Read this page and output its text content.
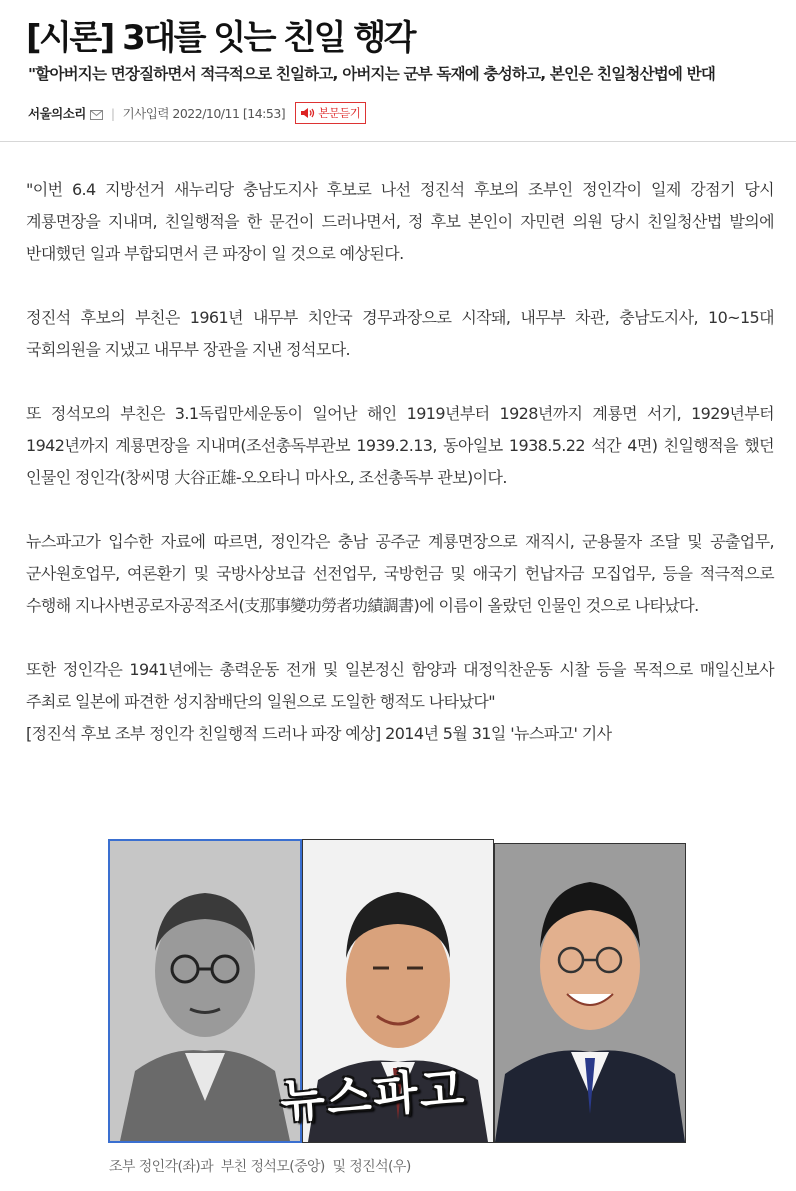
[시론] 3대를 잇는 친일 행각
"할아버지는 면장질하면서 적극적으로 친일하고, 아버지는 군부 독재에 충성하고, 본인은 친일청산법에 반대
서울의소리 | 기사입력 2022/10/11 [14:53]	본문듣기

"이번 6.4 지방선거 새누리당 충남도지사 후보로 나선 정진석 후보의 조부인 정인각이 일제 강점기 당시 계룡면장을 지내며, 친일행적을 한 문건이 드러나면서, 정 후보 본인이 자민련 의원 당시 친일청산법 발의에 반대했던 일과 부합되면서 큰 파장이 일 것으로 예상된다.

정진석 후보의 부친은 1961년 내무부 치안국 경무과장으로 시작돼, 내무부 차관, 충남도지사, 10~15대 국회의원을 지냈고 내무부 장관을 지낸 정석모다.

또 정석모의 부친은 3.1독립만세운동이 일어난 해인 1919년부터 1928년까지 계룡면 서기, 1929년부터 1942년까지 계룡면장을 지내며(조선총독부관보 1939.2.13, 동아일보 1938.5.22 석간 4면) 친일행적을 했던 인물인 정인각(창씨명 大谷正雄-오오타니 마사오, 조선총독부 관보)이다.

뉴스파고가 입수한 자료에 따르면, 정인각은 충남 공주군 계룡면장으로 재직시, 군용물자 조달 및 공출업무, 군사원호업무, 여론환기 및 국방사상보급 선전업무, 국방헌금 및 애국기 헌납자금 모집업무, 등을 적극적으로 수행해 지나사변공로자공적조서(支那事變功勞者功績調書)에 이름이 올랐던 인물인 것으로 나타났다.

또한 정인각은 1941년에는 총력운동 전개 및 일본정신 함양과 대정익찬운동 시찰 등을 목적으로 매일신보사 주최로 일본에 파견한 성지참배단의 일원으로 도일한 행적도 나타났다"

[정진석 후보 조부 정인각 친일행적 드러나 파장 예상] 2014년 5월 31일 '뉴스파고' 기사

뉴스파고
조부 정인각(좌)과  부친 정석모(중앙)  및 정진석(우)
